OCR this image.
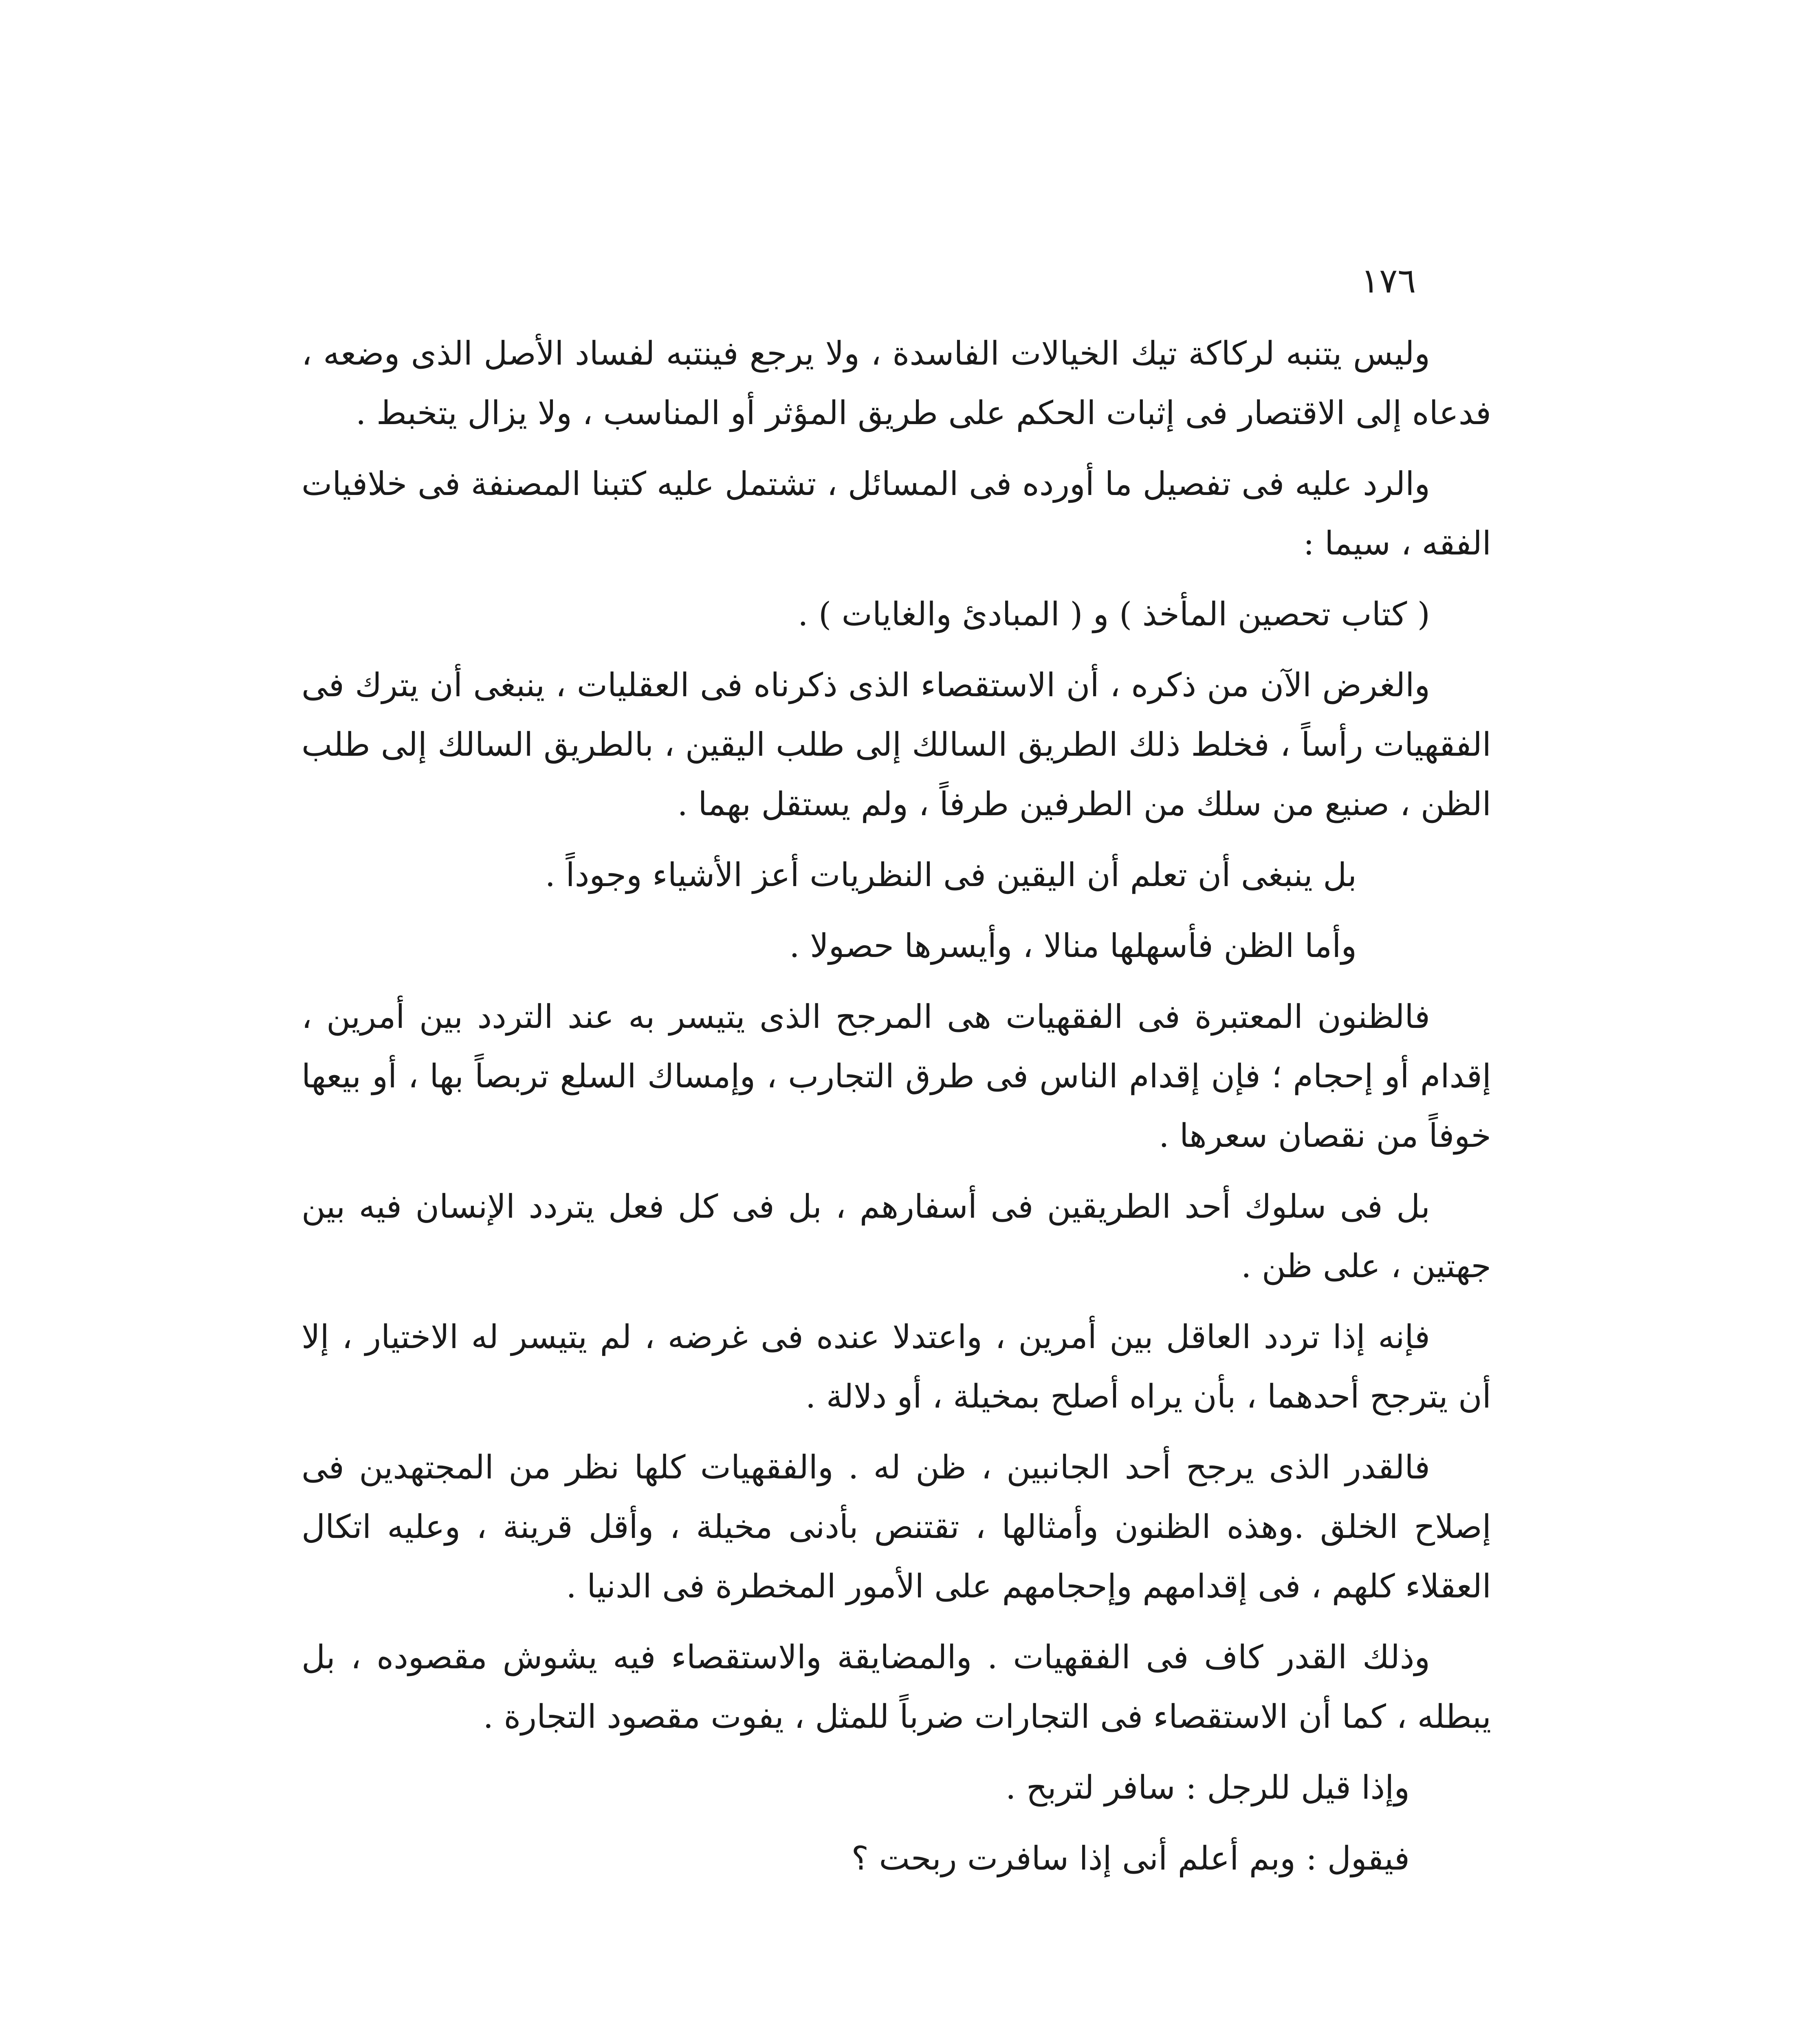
١٧٦

وليس يتنبه لركاكة تيك الخيالات الفاسدة ، ولا يرجع فينتبه لفساد الأصل الذى وضعه ، فدعاه إلى الاقتصار فى إثبات الحكم على طريق المؤثر أو المناسب ، ولا يزال يتخبط .

والرد عليه فى تفصيل ما أورده فى المسائل ، تشتمل عليه كتبنا المصنفة فى خلافيات الفقه ، سيما :

( كتاب تحصين المأخذ ) و ( المبادئ والغايات ) .

والغرض الآن من ذكره ، أن الاستقصاء الذى ذكرناه فى العقليات ، ينبغى أن يترك فى الفقهيات رأساً ، فخلط ذلك الطريق السالك إلى طلب اليقين ، بالطريق السالك إلى طلب الظن ، صنيع من سلك من الطرفين طرفاً ، ولم يستقل بهما .

بل ينبغى أن تعلم أن اليقين فى النظريات أعز الأشياء وجوداً .

وأما الظن فأسهلها منالا ، وأيسرها حصولا .

فالظنون المعتبرة فى الفقهيات هى المرجح الذى يتيسر به عند التردد بين أمرين ، إقدام أو إحجام ؛ فإن إقدام الناس فى طرق التجارب ، وإمساك السلع تربصاً بها ، أو بيعها خوفاً من نقصان سعرها .

بل فى سلوك أحد الطريقين فى أسفارهم ، بل فى كل فعل يتردد الإنسان فيه بين جهتين ، على ظن .

فإنه إذا تردد العاقل بين أمرين ، واعتدلا عنده فى غرضه ، لم يتيسر له الاختيار ، إلا أن يترجح أحدهما ، بأن يراه أصلح بمخيلة ، أو دلالة .

فالقدر الذى يرجح أحد الجانبين ، ظن له . والفقهيات كلها نظر من المجتهدين فى إصلاح الخلق .وهذه الظنون وأمثالها ، تقتنص بأدنى مخيلة ، وأقل قرينة ، وعليه اتكال العقلاء كلهم ، فى إقدامهم وإحجامهم على الأمور المخطرة فى الدنيا .

وذلك القدر كاف فى الفقهيات . والمضايقة والاستقصاء فيه يشوش مقصوده ، بل يبطله ، كما أن الاستقصاء فى التجارات ضرباً للمثل ، يفوت مقصود التجارة .

وإذا قيل للرجل : سافر لتربح .

فيقول : وبم أعلم أنى إذا سافرت ربحت ؟
